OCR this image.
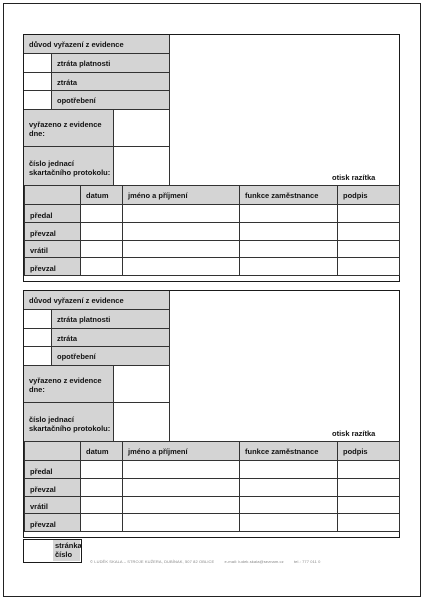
důvod vyřazení z evidence
ztráta platnosti
ztráta
opotřebení
vyřazeno z evidence dne:
číslo jednací skartačního protokolu:
otisk razítka
	datum	jméno a příjmení	funkce zaměstnance	podpis
předal				
převzal				
vrátil				
převzal				
důvod vyřazení z evidence
ztráta platnosti
ztráta
opotřebení
vyřazeno z evidence dne:
číslo jednací skartačního protokolu:
otisk razítka
	datum	jméno a příjmení	funkce zaměstnance	podpis
předal				
převzal				
vrátil				
převzal				
stránka číslo
© LUDĚK SKALA – STROJE KUŽERA, DUBÍNAK, 507 82 OBLICE	e-mail: ludek.skala@seznam.cz	tel.: 777 011 0
